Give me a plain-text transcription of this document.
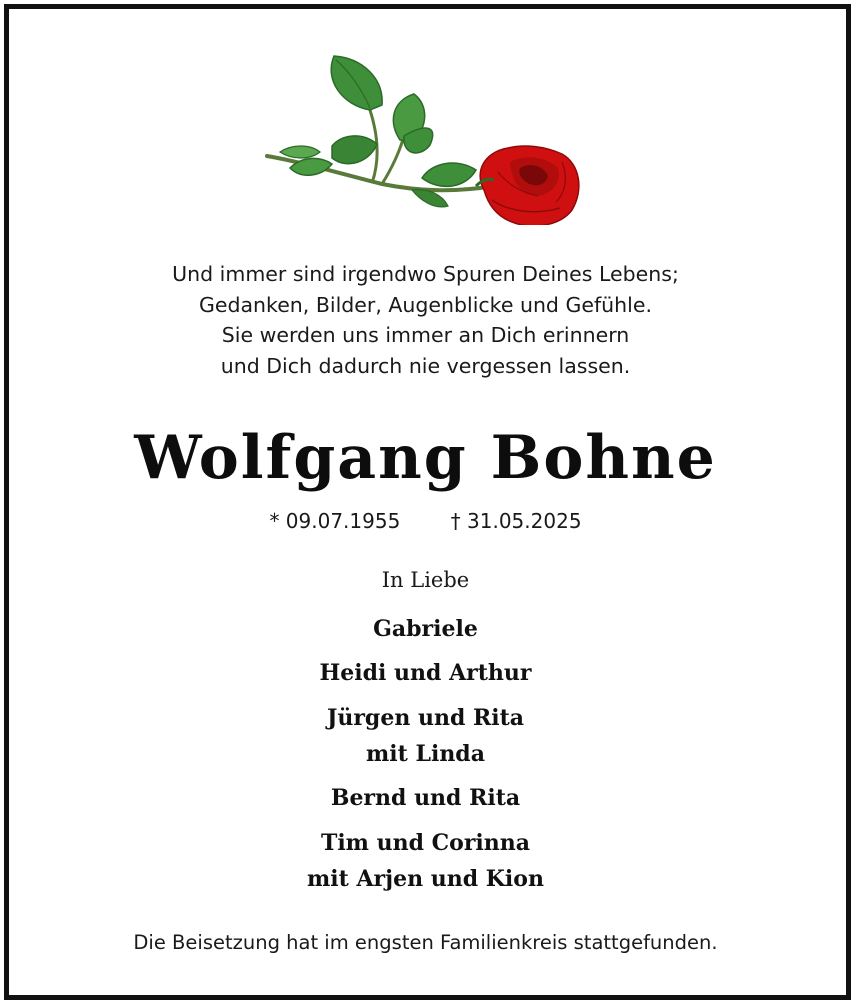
Und immer sind irgendwo Spuren Deines Lebens;
Gedanken, Bilder, Augenblicke und Gefühle.
Sie werden uns immer an Dich erinnern
und Dich dadurch nie vergessen lassen.
Wolfgang Bohne
* 09.07.1955	† 31.05.2025
In Liebe
Gabriele
Heidi und Arthur
Jürgen und Rita
mit Linda
Bernd und Rita
Tim und Corinna
mit Arjen und Kion
Die Beisetzung hat im engsten Familienkreis stattgefunden.
